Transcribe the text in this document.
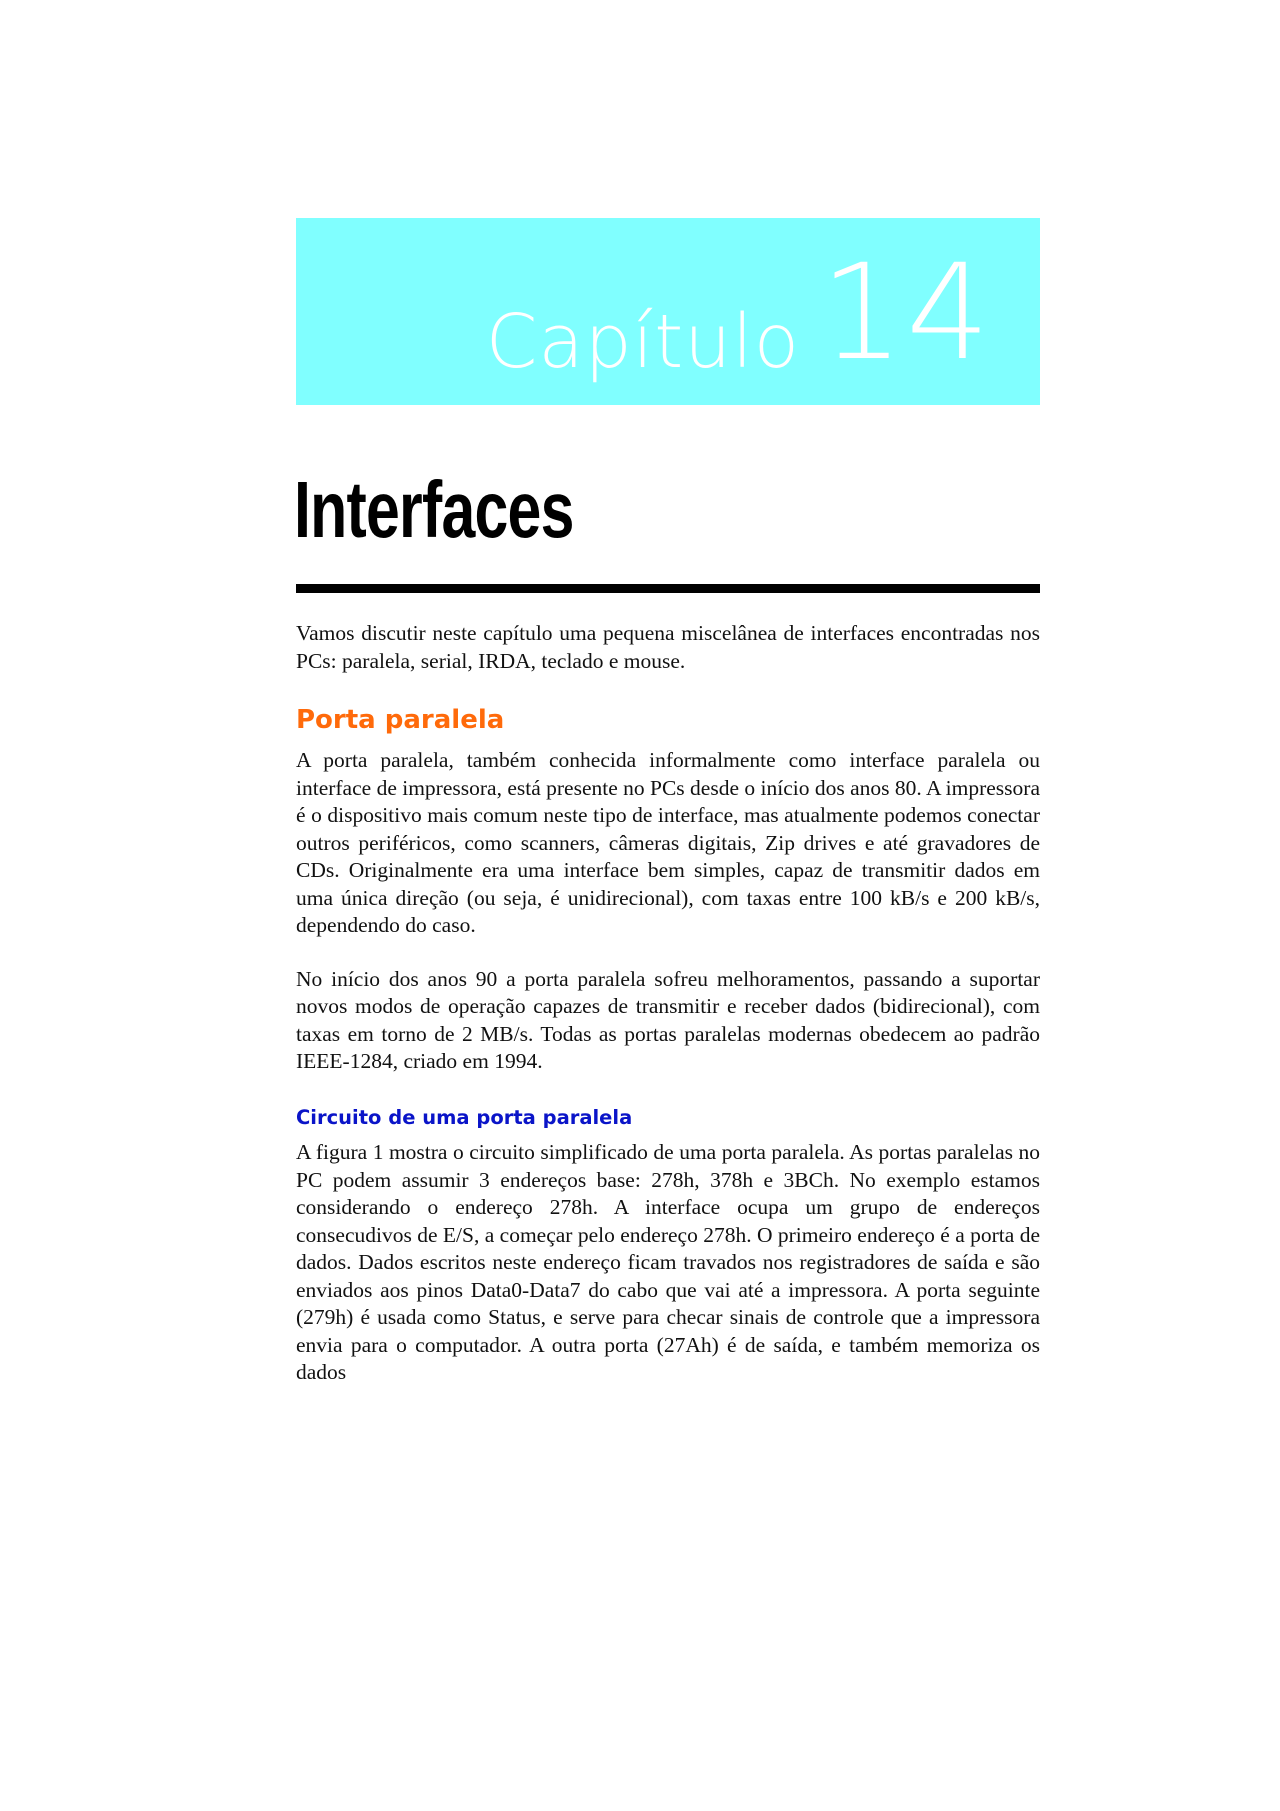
Capítulo 14
Interfaces

Vamos discutir neste capítulo uma pequena miscelânea de interfaces encontradas nos PCs: paralela, serial, IRDA, teclado e mouse.

Porta paralela

A porta paralela, também conhecida informalmente como interface paralela ou interface de impressora, está presente no PCs desde o início dos anos 80. A impressora é o dispositivo mais comum neste tipo de interface, mas atualmente podemos conectar outros periféricos, como scanners, câmeras digitais, Zip drives e até gravadores de CDs. Originalmente era uma interface bem simples, capaz de transmitir dados em uma única direção (ou seja, é unidirecional), com taxas entre 100 kB/s e 200 kB/s, dependendo do caso.

No início dos anos 90 a porta paralela sofreu melhoramentos, passando a suportar novos modos de operação capazes de transmitir e receber dados (bidirecional), com taxas em torno de 2 MB/s. Todas as portas paralelas modernas obedecem ao padrão IEEE-1284, criado em 1994.

Circuito de uma porta paralela

A figura 1 mostra o circuito simplificado de uma porta paralela. As portas paralelas no PC podem assumir 3 endereços base: 278h, 378h e 3BCh. No exemplo estamos considerando o endereço 278h. A interface ocupa um grupo de endereços consecudivos de E/S, a começar pelo endereço 278h. O primeiro endereço é a porta de dados. Dados escritos neste endereço ficam travados nos registradores de saída e são enviados aos pinos Data0-Data7 do cabo que vai até a impressora. A porta seguinte (279h) é usada como Status, e serve para checar sinais de controle que a impressora envia para o computador. A outra porta (27Ah) é de saída, e também memoriza os dados
